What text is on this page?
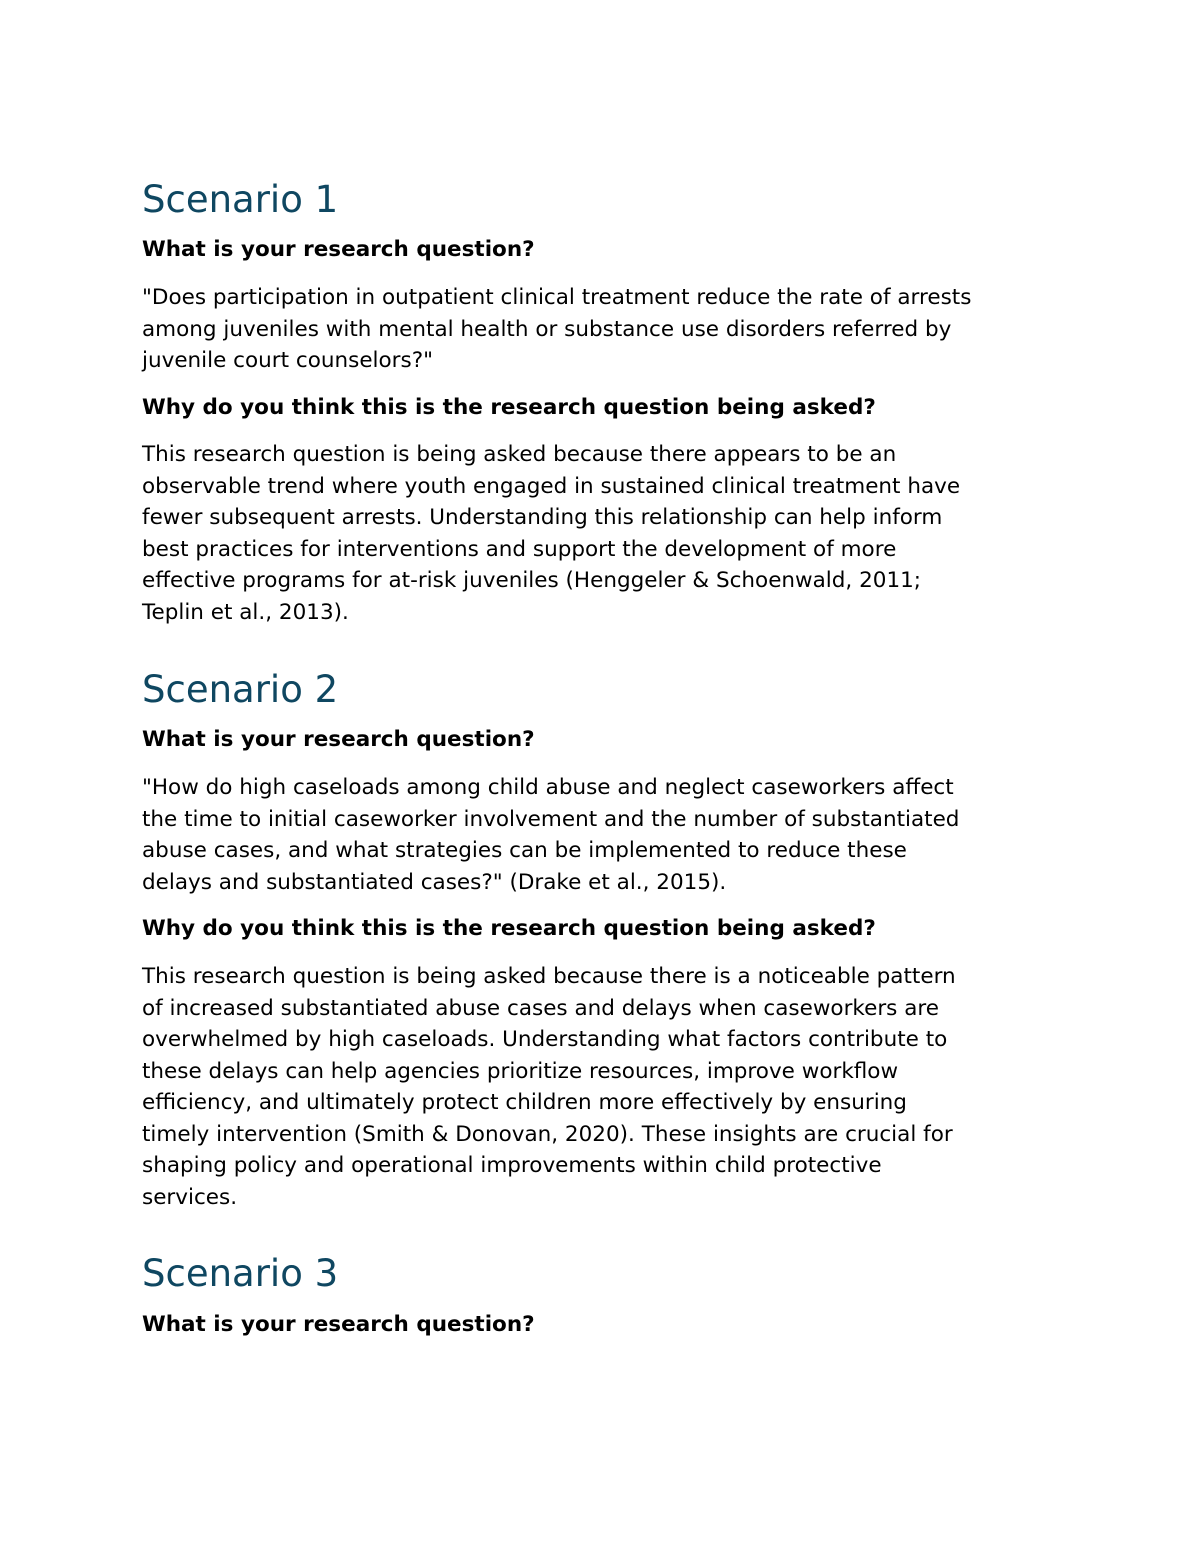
Scenario 1
What is your research question?
"Does participation in outpatient clinical treatment reduce the rate of arrests
among juveniles with mental health or substance use disorders referred by
juvenile court counselors?"
Why do you think this is the research question being asked?
This research question is being asked because there appears to be an
observable trend where youth engaged in sustained clinical treatment have
fewer subsequent arrests. Understanding this relationship can help inform
best practices for interventions and support the development of more
effective programs for at-risk juveniles (Henggeler & Schoenwald, 2011;
Teplin et al., 2013).
Scenario 2
What is your research question?
"How do high caseloads among child abuse and neglect caseworkers affect
the time to initial caseworker involvement and the number of substantiated
abuse cases, and what strategies can be implemented to reduce these
delays and substantiated cases?" (Drake et al., 2015).
Why do you think this is the research question being asked?
This research question is being asked because there is a noticeable pattern
of increased substantiated abuse cases and delays when caseworkers are
overwhelmed by high caseloads. Understanding what factors contribute to
these delays can help agencies prioritize resources, improve workflow
efficiency, and ultimately protect children more effectively by ensuring
timely intervention (Smith & Donovan, 2020). These insights are crucial for
shaping policy and operational improvements within child protective
services.
Scenario 3
What is your research question?
